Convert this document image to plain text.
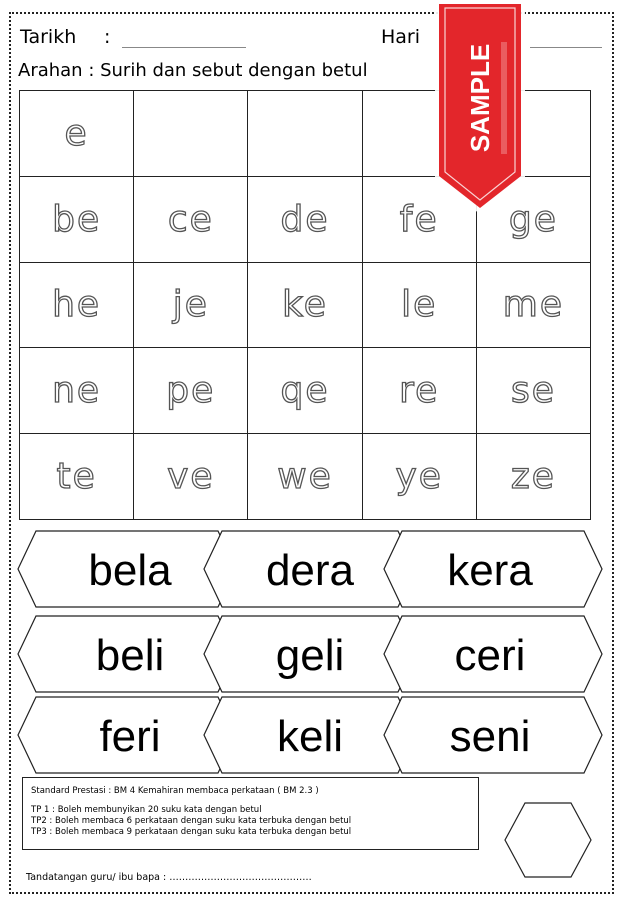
Tarikh :	Hari
Arahan : Surih dan sebut dengan betul
e
be ce de fe ge
he je ke le me
ne pe qe re se
te ve we ye ze
bela dera kera
beli	geli	ceri
feri	keli seni
Standard Prestasi : BM 4 Kemahiran membaca perkataan ( BM 2.3 )
TP 1 : Boleh membunyikan 20 suku kata dengan betul
TP2 : Boleh membaca 6 perkataan dengan suku kata terbuka dengan betul
TP3 : Boleh membaca 9 perkataan dengan suku kata terbuka dengan betul
Tandatangan guru/ ibu bapa : ………………………………………
SAMPLE
